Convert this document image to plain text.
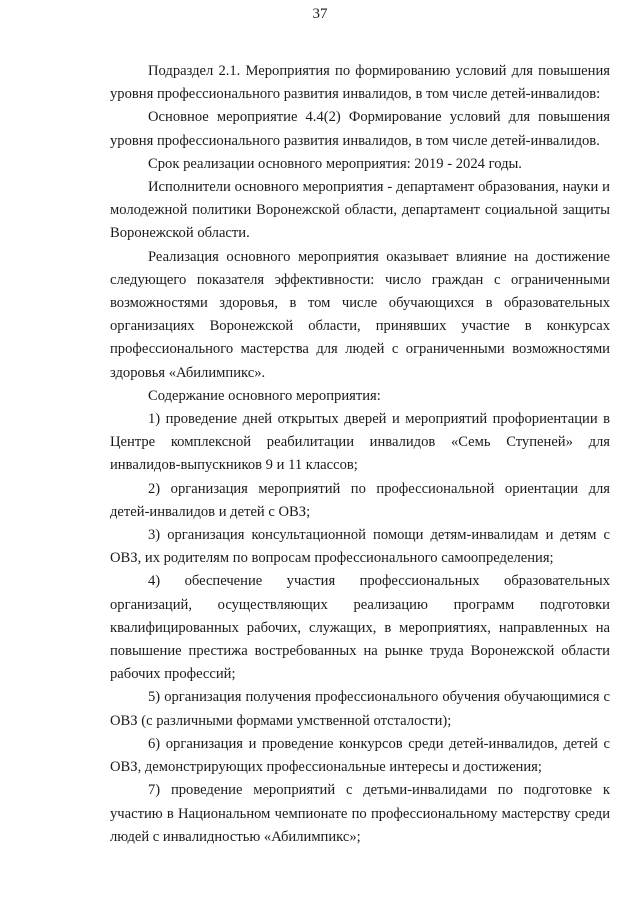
37

Подраздел 2.1. Мероприятия по формированию условий для повышения уровня профессионального развития инвалидов, в том числе детей-инвалидов:

Основное мероприятие 4.4(2) Формирование условий для повышения уровня профессионального развития инвалидов, в том числе детей-инвалидов.

Срок реализации основного мероприятия: 2019 - 2024 годы.

Исполнители основного мероприятия - департамент образования, науки и молодежной политики Воронежской области, департамент социальной защиты Воронежской области.

Реализация основного мероприятия оказывает влияние на достижение следующего показателя эффективности: число граждан с ограниченными возможностями здоровья, в том числе обучающихся в образовательных организациях Воронежской области, принявших участие в конкурсах профессионального мастерства для людей с ограниченными возможностями здоровья «Абилимпикс».

Содержание основного мероприятия:

1) проведение дней открытых дверей и мероприятий профориентации в Центре комплексной реабилитации инвалидов «Семь Ступеней» для инвалидов-выпускников 9 и 11 классов;

2) организация мероприятий по профессиональной ориентации для детей-инвалидов и детей с ОВЗ;

3) организация консультационной помощи детям-инвалидам и детям с ОВЗ, их родителям по вопросам профессионального самоопределения;

4) обеспечение участия профессиональных образовательных организаций, осуществляющих реализацию программ подготовки квалифицированных рабочих, служащих, в мероприятиях, направленных на повышение престижа востребованных на рынке труда Воронежской области рабочих профессий;

5) организация получения профессионального обучения обучающимися с ОВЗ (с различными формами умственной отсталости);

6) организация и проведение конкурсов среди детей-инвалидов, детей с ОВЗ, демонстрирующих профессиональные интересы и достижения;

7) проведение мероприятий с детьми-инвалидами по подготовке к участию в Национальном чемпионате по профессиональному мастерству среди людей с инвалидностью «Абилимпикс»;
